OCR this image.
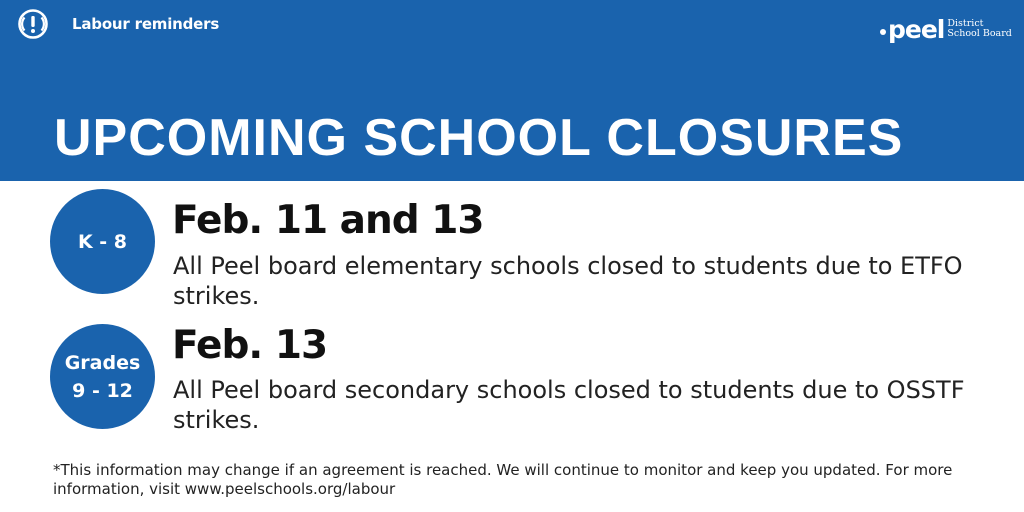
Labour reminders	peel District
School Board
UPCOMING SCHOOL CLOSURES
K - 8 Feb. 11 and 13

All Peel board elementary schools closed to students due to ETFO strikes.

Grades
9 - 12
Feb. 13

All Peel board secondary schools closed to students due to OSSTF strikes.

*This information may change if an agreement is reached. We will continue to monitor and keep you updated. For more information, visit www.peelschools.org/labour
